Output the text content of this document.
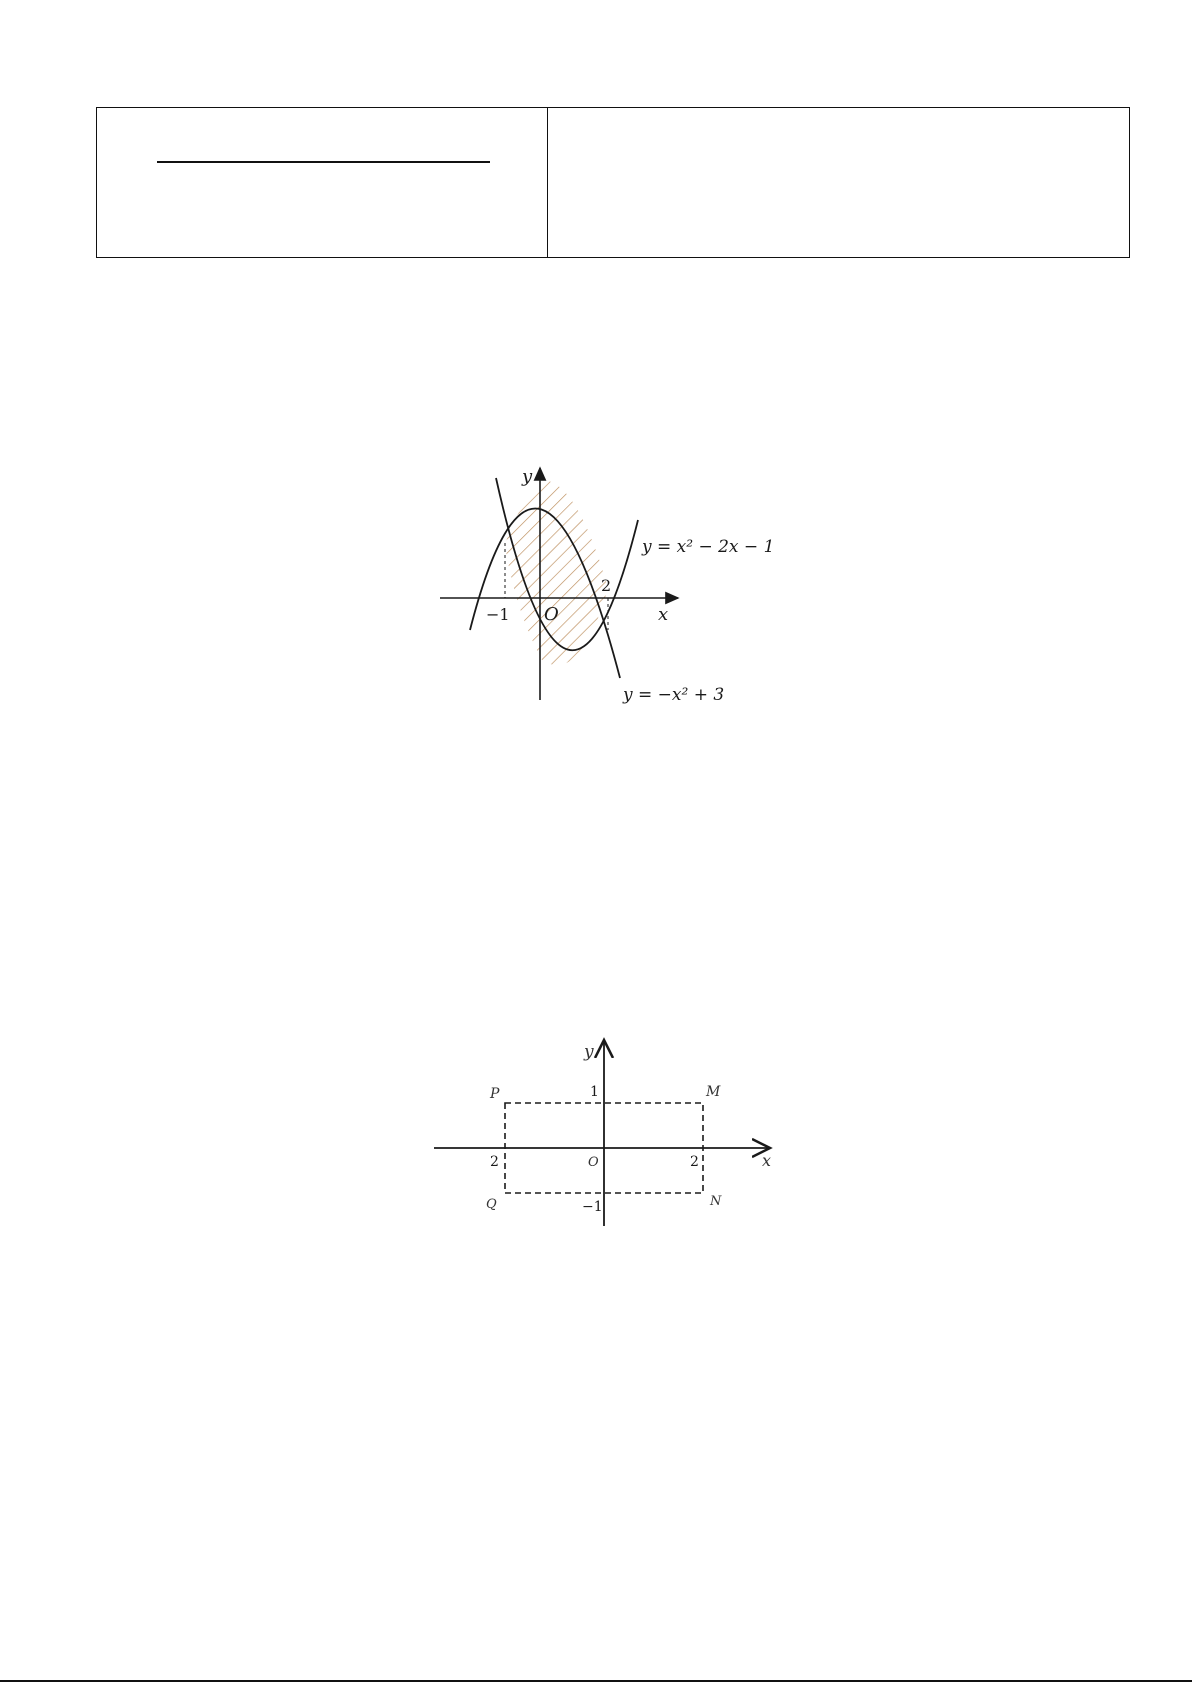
y
x
O
−1
2
y = x² − 2x − 1
y = −x² + 3
y
x
O
P	M
N
Q
1
−1
2
2
